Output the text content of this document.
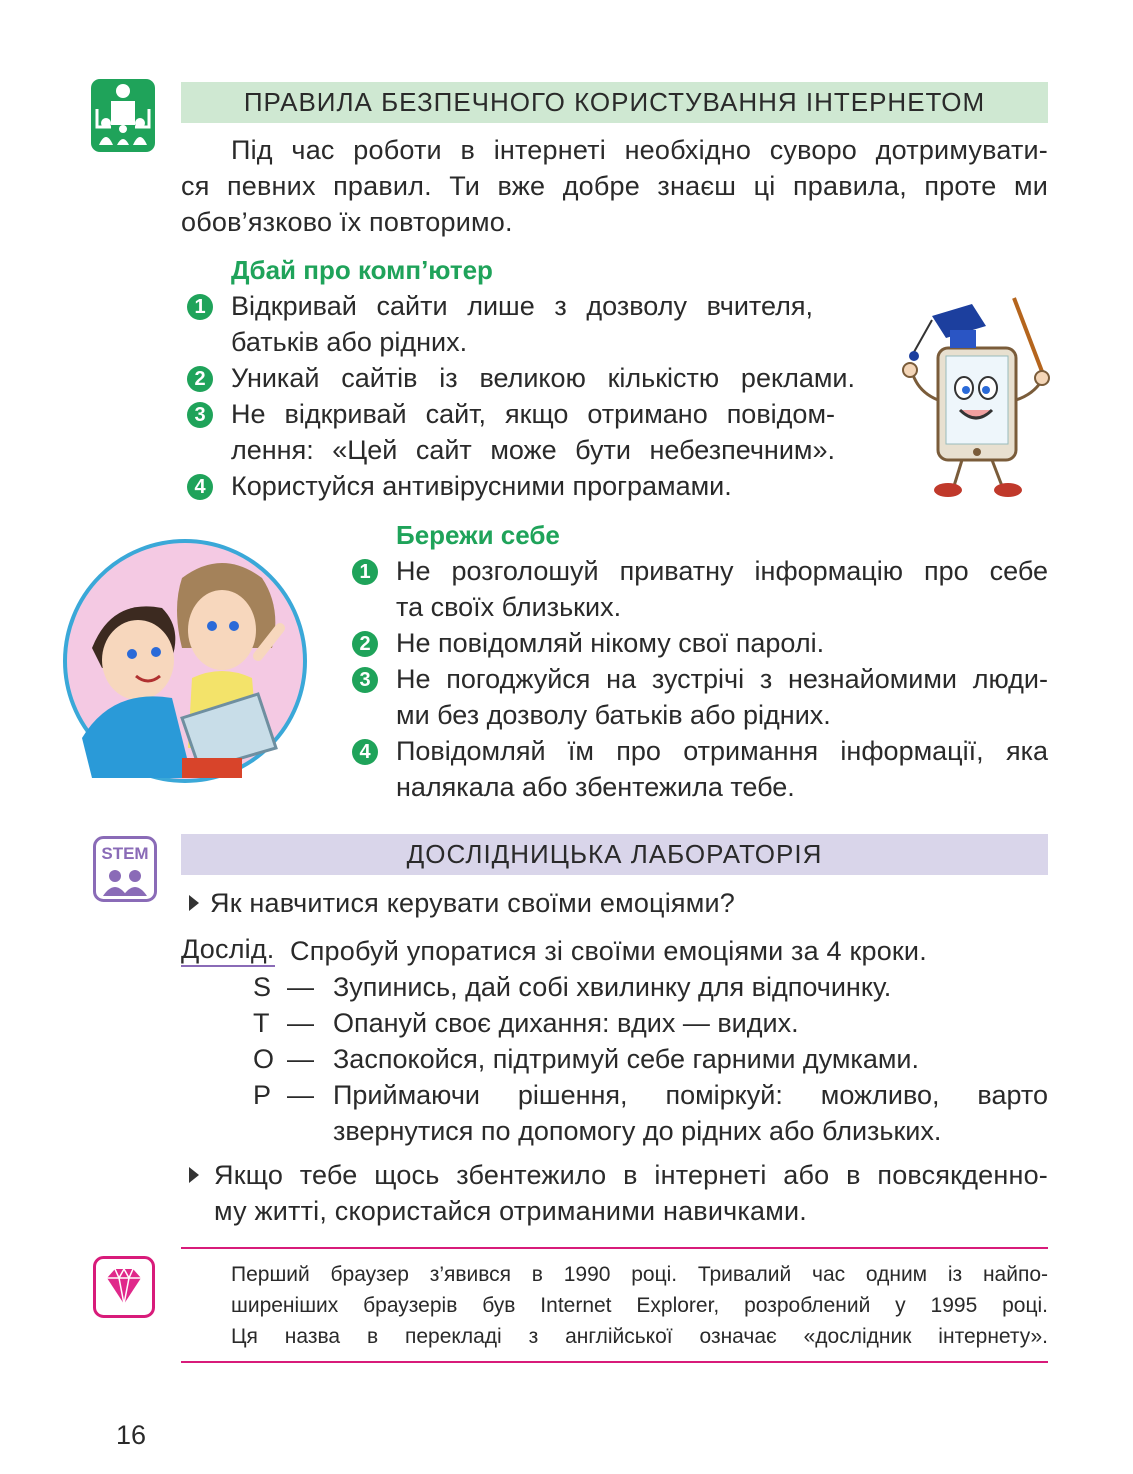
ПРАВИЛА БЕЗПЕЧНОГО КОРИСТУВАННЯ ІНТЕРНЕТОМ
Під час роботи в інтернеті необхідно суворо дотримувати-
ся певних правил. Ти вже добре знаєш ці правила, проте ми
обов’язково їх повторимо.
Дбай про комп’ютер
1 Відкривай сайти лише з дозволу вчителя,
батьків або рідних.
2 Уникай сайтів із великою кількістю реклами.
3 Не відкривай сайт, якщо отримано повідом-
лення: «Цей сайт може бути небезпечним».
4 Користуйся антивірусними програмами.
Бережи себе
1 Не розголошуй приватну інформацію про себе
та своїх близьких.
2 Не повідомляй нікому свої паролі.
3 Не погоджуйся на зустрічі з незнайомими люди-
ми без дозволу батьків або рідних.
4 Повідомляй їм про отримання інформації, яка
налякала або збентежила тебе.
STEM	ДОСЛІДНИЦЬКА ЛАБОРАТОРІЯ
Як навчитися керувати своїми емоціями?
Дослід. Спробуй упоратися зі своїми емоціями за 4 кроки.
S — Зупинись, дай собі хвилинку для відпочинку.
T — Опануй своє дихання: вдих — видих.
O — Заспокойся, підтримуй себе гарними думками.
P — Приймаючи рішення, поміркуй: можливо, варто
звернутися по допомогу до рідних або близьких.
Якщо тебе щось збентежило в інтернеті або в повсякденно-
му житті, скористайся отриманими навичками.
Перший браузер з’явився в 1990 році. Тривалий час одним із найпо-
ширеніших браузерів був Internet Explorer, розроблений у 1995 році.
Ця назва в перекладі з англійської означає «дослідник інтернету».
16
